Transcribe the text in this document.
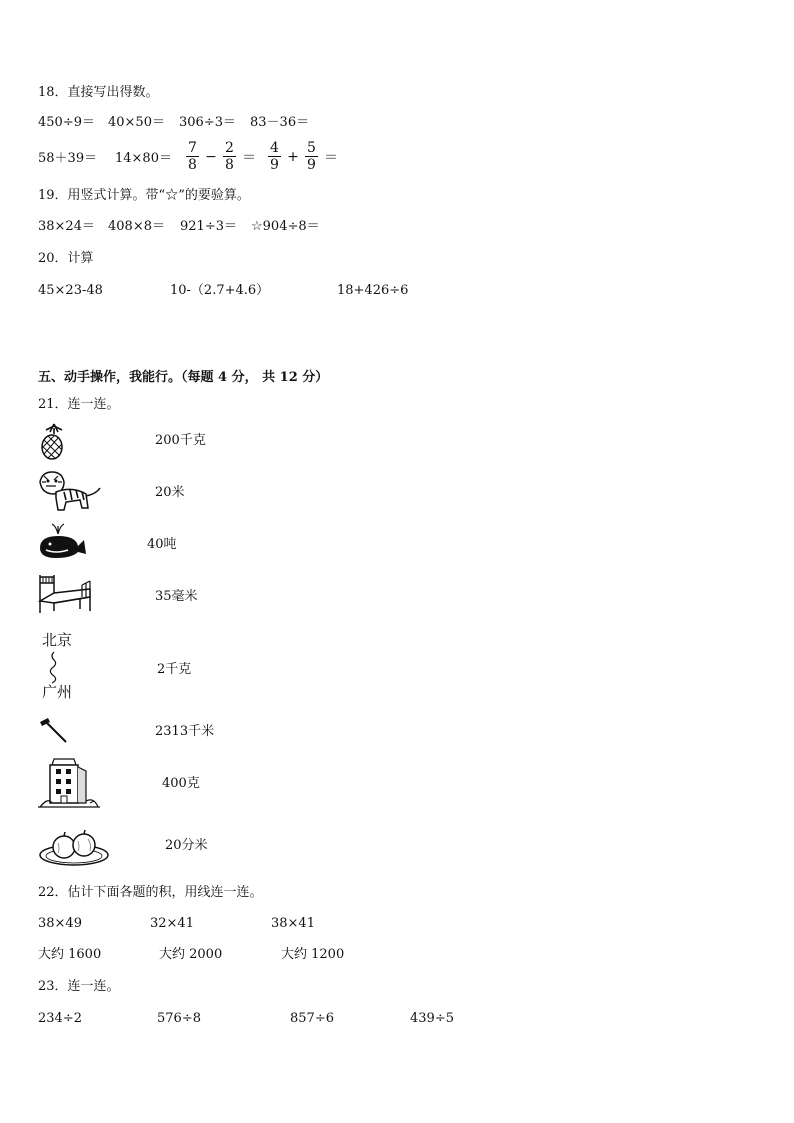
18．直接写出得数。
450÷9＝ 40×50＝ 306÷3＝ 83－36＝
$58+39= 14\times 80= \frac{7}{8} - \frac{2}{8} = \frac{4}{9} + \frac{5}{9}$ ＝
19．用竖式计算。带“☆”的要验算。
38×24＝ 408×8＝ 921÷3＝ ☆904÷8＝
20．计算
45×23-48	10-（2.7+4.6）	18+426÷6
五、动手操作，我能行。（每题 4 分， 共 12 分）
21．连一连。
200千克
20米
40吨
35毫米
北京
广州
2千克
2313千米
400克
20分米
22．估计下面各题的积，用线连一连。
38×49	32×41	38×41
大约 1600	大约 2000	大约 1200
23．连一连。
234÷2	576÷8	857÷6	439÷5
